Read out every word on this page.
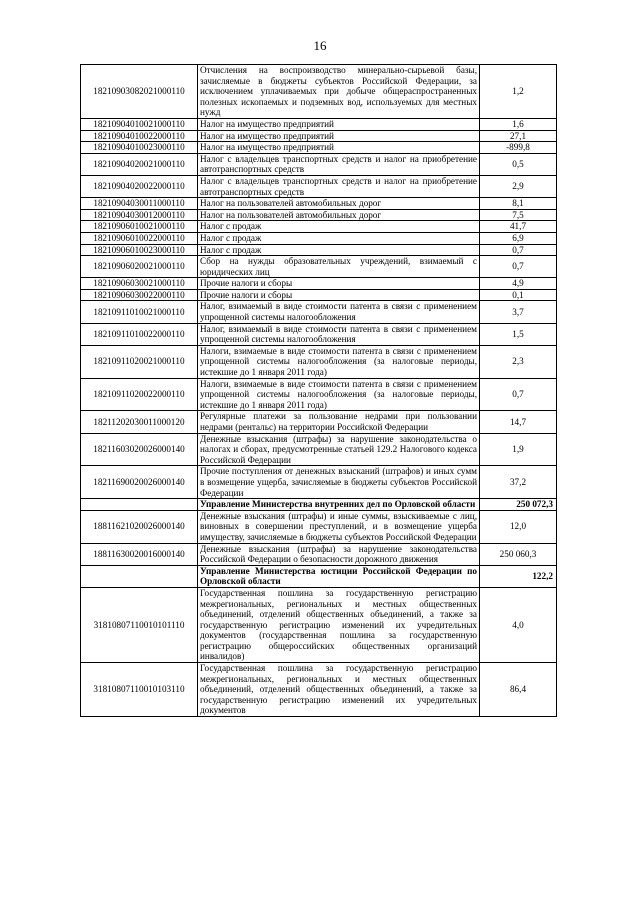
16
18210903082021000110	Отчисления на воспроизводство минерально-сырьевой базы, зачисляемые в бюджеты субъектов Российской Федерации, за исключением уплачиваемых при добыче общераспространенных полезных ископаемых и подземных вод, используемых для местных нужд	1,2
18210904010021000110	Налог на имущество предприятий	1,6
18210904010022000110	Налог на имущество предприятий	27,1
18210904010023000110	Налог на имущество предприятий	-899,8
18210904020021000110	Налог с владельцев транспортных средств и налог на приобретение автотранспортных средств	0,5
18210904020022000110	Налог с владельцев транспортных средств и налог на приобретение автотранспортных средств	2,9
18210904030011000110	Налог на пользователей автомобильных дорог	8,1
18210904030012000110	Налог на пользователей автомобильных дорог	7,5
18210906010021000110	Налог с продаж	41,7
18210906010022000110	Налог с продаж	6,9
18210906010023000110	Налог с продаж	0,7
18210906020021000110	Сбор на нужды образовательных учреждений, взимаемый с юридических лиц	0,7
18210906030021000110	Прочие налоги и сборы	4,9
18210906030022000110	Прочие налоги и сборы	0,1
18210911010021000110	Налог, взимаемый в виде стоимости патента в связи с применением упрощенной системы налогообложения	3,7
18210911010022000110	Налог, взимаемый в виде стоимости патента в связи с применением упрощенной системы налогообложения	1,5
18210911020021000110	Налоги, взимаемые в виде стоимости патента в связи с применением упрощенной системы налогообложения (за налоговые периоды, истекшие до 1 января 2011 года)	2,3
18210911020022000110	Налоги, взимаемые в виде стоимости патента в связи с применением упрощенной системы налогообложения (за налоговые периоды, истекшие до 1 января 2011 года)	0,7
18211202030011000120	Регулярные платежи за пользование недрами при пользовании недрами (рентальс) на территории Российской Федерации	14,7
18211603020026000140	Денежные взыскания (штрафы) за нарушение законодательства о налогах и сборах, предусмотренные статьей 129.2 Налогового кодекса Российской Федерации	1,9
18211690020026000140	Прочие поступления от денежных взысканий (штрафов) и иных сумм в возмещение ущерба, зачисляемые в бюджеты субъектов Российской Федерации	37,2
	Управление Министерства внутренних дел по Орловской области	250 072,3
18811621020026000140	Денежные взыскания (штрафы) и иные суммы, взыскиваемые с лиц, виновных в совершении преступлений, и в возмещение ущерба имуществу, зачисляемые в бюджеты субъектов Российской Федерации	12,0
18811630020016000140	Денежные взыскания (штрафы) за нарушение законодательства Российской Федерации о безопасности дорожного движения	250 060,3
	Управление Министерства юстиции Российской Федерации по Орловской области	122,2
31810807110010101110	Государственная пошлина за государственную регистрацию межрегиональных, региональных и местных общественных объединений, отделений общественных объединений, а также за государственную регистрацию изменений их учредительных документов (государственная пошлина за государственную регистрацию общероссийских общественных организаций инвалидов)	4,0
31810807110010103110	Государственная пошлина за государственную регистрацию межрегиональных, региональных и местных общественных объединений, отделений общественных объединений, а также за государственную регистрацию изменений их учредительных документов	86,4
